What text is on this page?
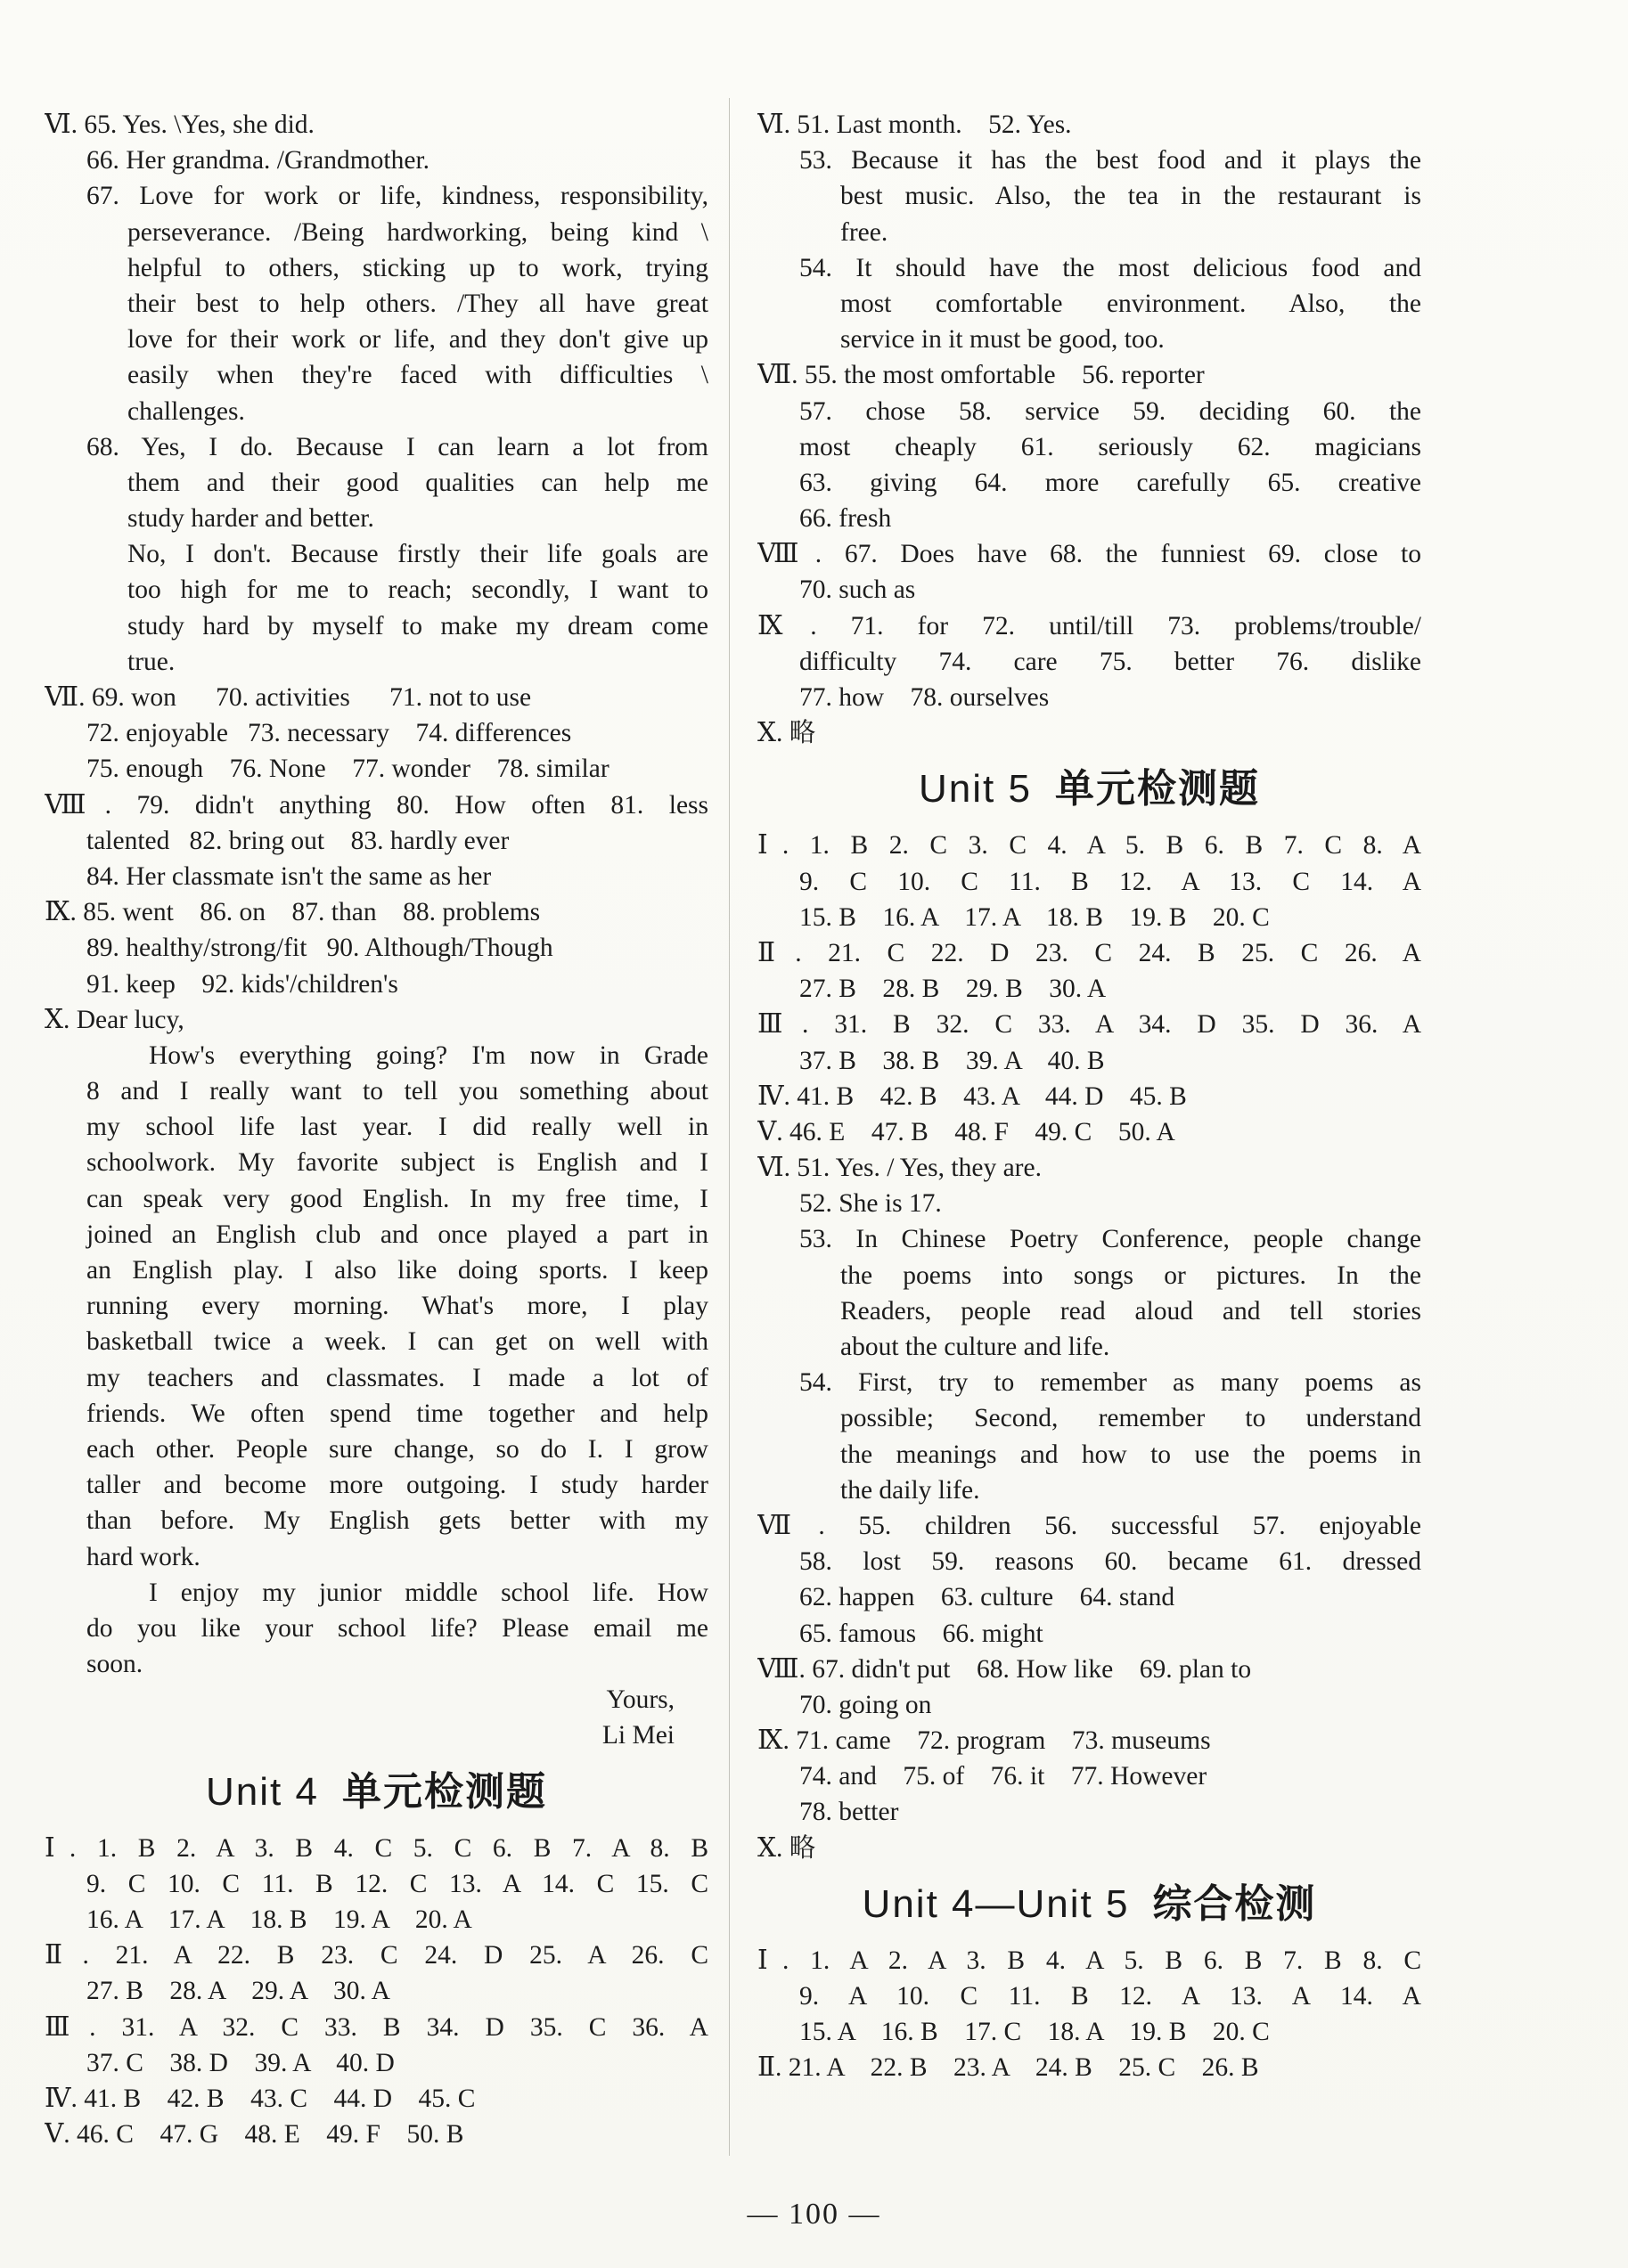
Ⅵ. 65. Yes. \Yes, she did.
66. Her grandma. /Grandmother.
67. Love for work or life, kindness, responsibility,
perseverance. /Being hardworking, being kind \
helpful to others, sticking up to work, trying
their best to help others. /They all have great
love for their work or life, and they don't give up
easily when they're faced with difficulties \
challenges.
68. Yes, I do. Because I can learn a lot from
them and their good qualities can help me
study harder and better.
No, I don't. Because firstly their life goals are
too high for me to reach; secondly, I want to
study hard by myself to make my dream come
true.
Ⅶ. 69. won      70. activities      71. not to use
72. enjoyable   73. necessary    74. differences
75. enough    76. None    77. wonder    78. similar
Ⅷ. 79. didn't anything 80. How often 81. less
talented   82. bring out    83. hardly ever
84. Her classmate isn't the same as her
Ⅸ. 85. went    86. on    87. than    88. problems
89. healthy/strong/fit   90. Although/Though
91. keep    92. kids'/children's
Ⅹ. Dear lucy,
How's everything going? I'm now in Grade
8 and I really want to tell you something about
my school life last year. I did really well in
schoolwork. My favorite subject is English and I
can speak very good English. In my free time, I
joined an English club and once played a part in
an English play. I also like doing sports. I keep
running every morning. What's more, I play
basketball twice a week. I can get on well with
my teachers and classmates. I made a lot of
friends. We often spend time together and help
each other. People sure change, so do I. I grow
taller and become more outgoing. I study harder
than before. My English gets better with my
hard work.
I enjoy my junior middle school life. How
do you like your school life? Please email me
soon.
Yours,
Li Mei
Unit 4 单元检测题
Ⅰ. 1. B 2. A 3. B 4. C 5. C 6. B 7. A 8. B
9. C 10. C 11. B 12. C 13. A 14. C 15. C
16. A    17. A    18. B    19. A    20. A
Ⅱ. 21. A 22. B 23. C 24. D 25. A 26. C
27. B    28. A    29. A    30. A
Ⅲ. 31. A 32. C 33. B 34. D 35. C 36. A
37. C    38. D    39. A    40. D
Ⅳ. 41. B    42. B    43. C    44. D    45. C
Ⅴ. 46. C    47. G    48. E    49. F    50. B
Ⅵ. 51. Last month.    52. Yes.
53. Because it has the best food and it plays the
best music. Also, the tea in the restaurant is
free.
54. It should have the most delicious food and
most comfortable environment. Also, the
service in it must be good, too.
Ⅶ. 55. the most omfortable    56. reporter
57. chose 58. service 59. deciding 60. the
most cheaply 61. seriously 62. magicians
63. giving 64. more carefully 65. creative
66. fresh
Ⅷ. 67. Does have 68. the funniest 69. close to
70. such as
Ⅸ. 71. for 72. until/till 73. problems/trouble/
difficulty 74. care 75. better 76. dislike
77. how    78. ourselves
Ⅹ. 略
Unit 5 单元检测题
Ⅰ. 1. B 2. C 3. C 4. A 5. B 6. B 7. C 8. A
9. C 10. C 11. B 12. A 13. C 14. A
15. B    16. A    17. A    18. B    19. B    20. C
Ⅱ. 21. C 22. D 23. C 24. B 25. C 26. A
27. B    28. B    29. B    30. A
Ⅲ. 31. B 32. C 33. A 34. D 35. D 36. A
37. B    38. B    39. A    40. B
Ⅳ. 41. B    42. B    43. A    44. D    45. B
Ⅴ. 46. E    47. B    48. F    49. C    50. A
Ⅵ. 51. Yes. / Yes, they are.
52. She is 17.
53. In Chinese Poetry Conference, people change
the poems into songs or pictures. In the
Readers, people read aloud and tell stories
about the culture and life.
54. First, try to remember as many poems as
possible; Second, remember to understand
the meanings and how to use the poems in
the daily life.
Ⅶ. 55. children 56. successful 57. enjoyable
58. lost 59. reasons 60. became 61. dressed
62. happen    63. culture    64. stand
65. famous    66. might
Ⅷ. 67. didn't put    68. How like    69. plan to
70. going on
Ⅸ. 71. came    72. program    73. museums
74. and    75. of    76. it    77. However
78. better
Ⅹ. 略
Unit 4—Unit 5 综合检测
Ⅰ. 1. A 2. A 3. B 4. A 5. B 6. B 7. B 8. C
9. A 10. C 11. B 12. A 13. A 14. A
15. A    16. B    17. C    18. A    19. B    20. C
Ⅱ. 21. A    22. B    23. A    24. B    25. C    26. B
— 100 —
